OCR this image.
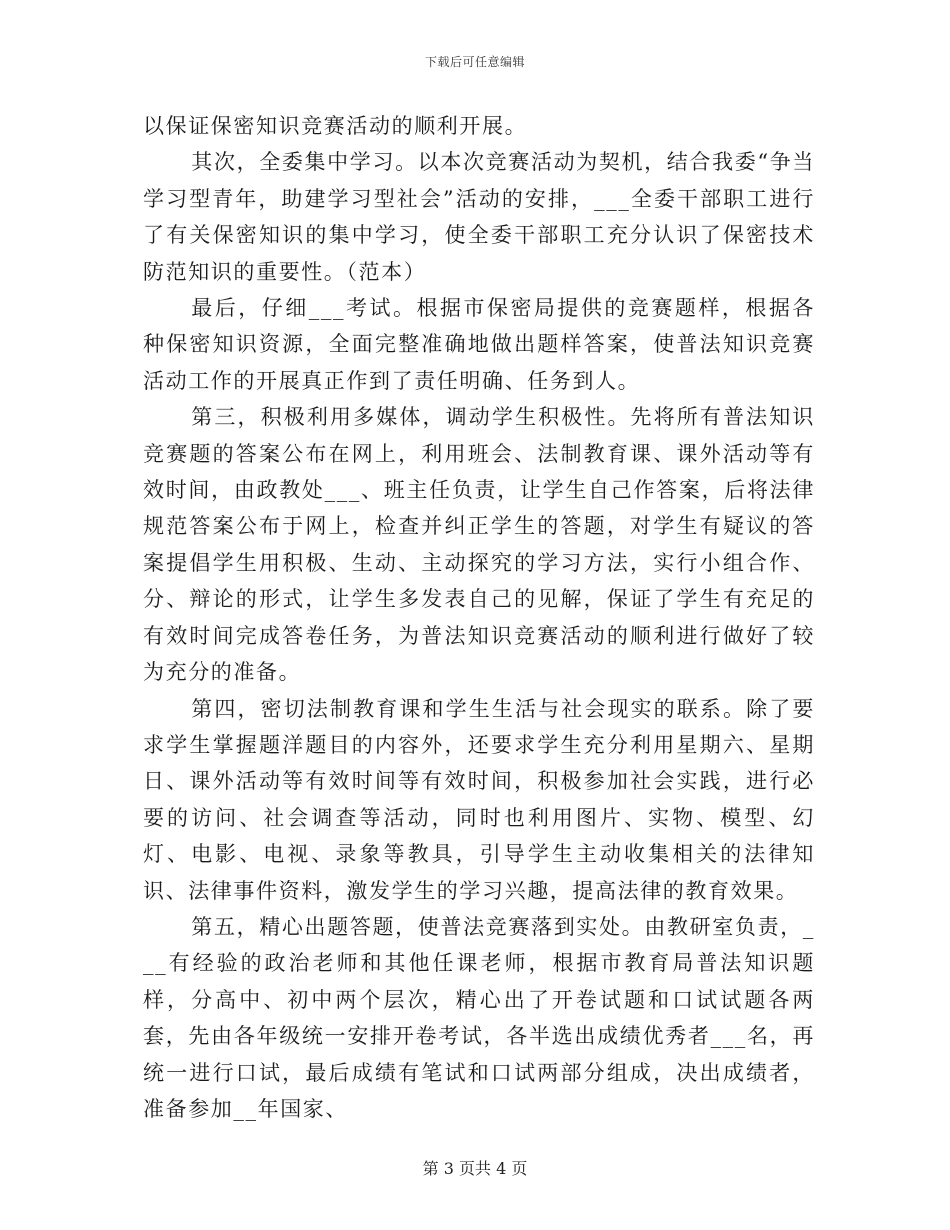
下载后可任意编辑

以保证保密知识竞赛活动的顺利开展。

其次，全委集中学习。以本次竞赛活动为契机，结合我委“争当学习型青年，助建学习型社会”活动的安排，___全委干部职工进行了有关保密知识的集中学习，使全委干部职工充分认识了保密技术防范知识的重要性。（范本）

最后，仔细___考试。根据市保密局提供的竞赛题样，根据各种保密知识资源，全面完整准确地做出题样答案，使普法知识竞赛活动工作的开展真正作到了责任明确、任务到人。

第三，积极利用多媒体，调动学生积极性。先将所有普法知识竞赛题的答案公布在网上，利用班会、法制教育课、课外活动等有效时间，由政教处___、班主任负责，让学生自己作答案，后将法律规范答案公布于网上，检查并纠正学生的答题，对学生有疑议的答案提倡学生用积极、生动、主动探究的学习方法，实行小组合作、分、辩论的形式，让学生多发表自己的见解，保证了学生有充足的有效时间完成答卷任务，为普法知识竞赛活动的顺利进行做好了较为充分的准备。

第四，密切法制教育课和学生生活与社会现实的联系。除了要求学生掌握题洋题目的内容外，还要求学生充分利用星期六、星期日、课外活动等有效时间等有效时间，积极参加社会实践，进行必要的访问、社会调查等活动，同时也利用图片、实物、模型、幻灯、电影、电视、录象等教具，引导学生主动收集相关的法律知识、法律事件资料，激发学生的学习兴趣，提高法律的教育效果。

第五，精心出题答题，使普法竞赛落到实处。由教研室负责，___有经验的政治老师和其他任课老师，根据市教育局普法知识题样，分高中、初中两个层次，精心出了开卷试题和口试试题各两套，先由各年级统一安排开卷考试，各半选出成绩优秀者___名，再统一进行口试，最后成绩有笔试和口试两部分组成，决出成绩者，准备参加__年国家、

第 3 页共 4 页
